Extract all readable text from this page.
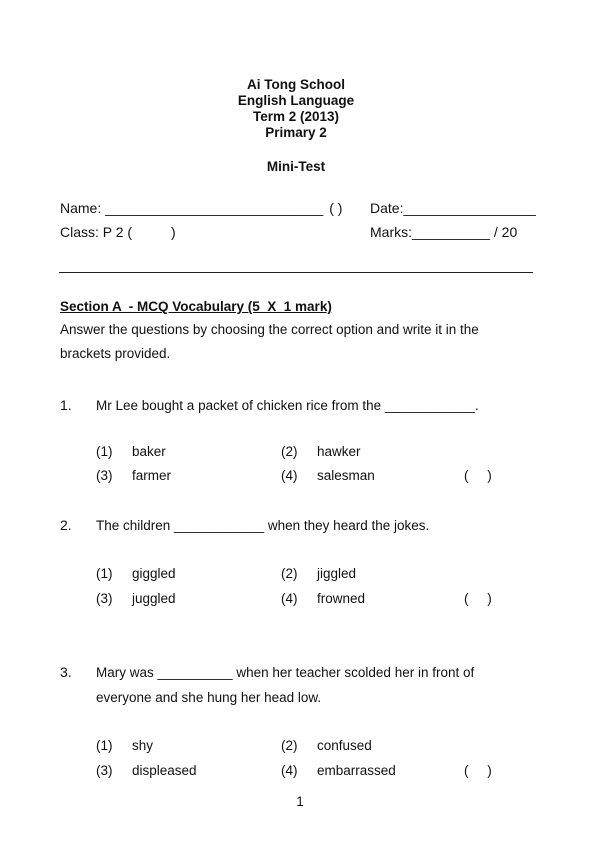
Ai Tong School
English Language
Term 2 (2013)
Primary 2
Mini-Test
Name: ____________________________ ( ) Date:_________________
Class: P 2 (          )	Marks:__________ / 20
Section A  - MCQ Vocabulary (5  X  1 mark)
Answer the questions by choosing the correct option and write it in the brackets provided.
1. Mr Lee bought a packet of chicken rice from the ____________.
(1) baker	(2) hawker
(3) farmer	(4) salesman	(     )
2. The children ____________ when they heard the jokes.
(1) giggled	(2) jiggled
(3) juggled	(4) frowned	(     )
3. Mary was __________ when her teacher scolded her in front of everyone and she hung her head low.
(1) shy	(2) confused
(3) displeased	(4) embarrassed	(     )
1
